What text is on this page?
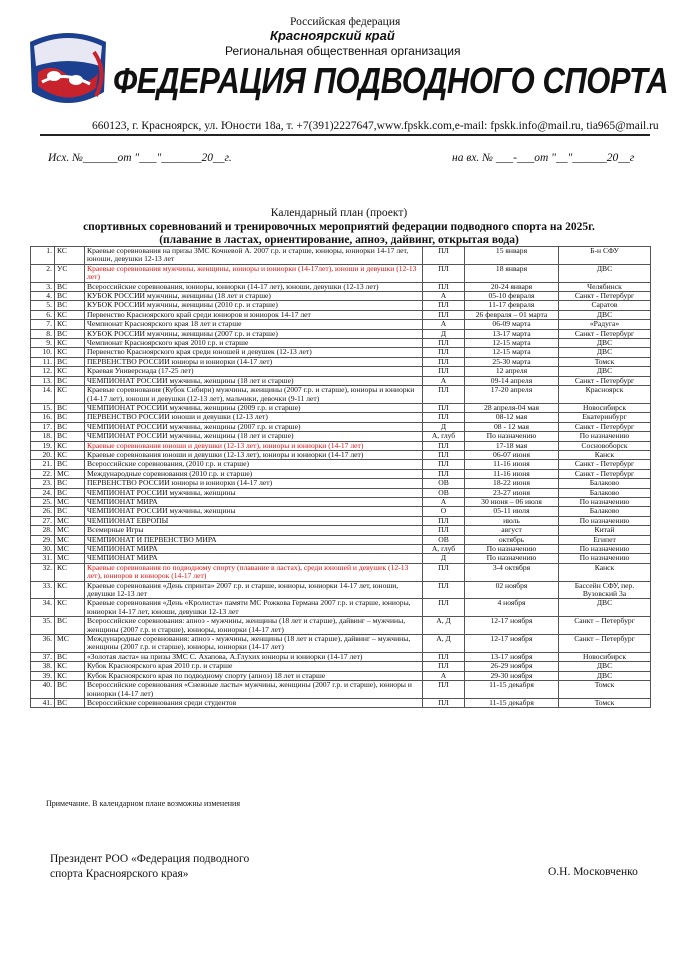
Российская федерация
Красноярский край
Региональная общественная организация
ФЕДЕРАЦИЯ ПОДВОДНОГО СПОРТА
660123, г. Красноярск, ул. Юности 18а, т. +7(391)2227647,www.fpskk.com,e-mail: fpskk.info@mail.ru, tia965@mail.ru
Исх. №______от "___"_______20__г.	на вх. № ___-___от "__"______20__г
Календарный план (проект)
спортивных соревнований и тренировочных мероприятий федерации подводного спорта на 2025г.
(плавание в ластах, ориентирование, апноэ, дайвинг, открытая вода)
1.	КС	Краевые соревнования на призы ЗМС Кочневой А. 2007 г.р. и старше, юниоры, юниорки 14-17 лет, юноши, девушки 12-13 лет	ПЛ	15 января	Б-н СФУ
2.	УС	Краевые соревнования мужчины, женщины, юниоры и юниорки (14-17лет), юноши и девушки (12-13 лет)	ПЛ	18 января	ДВС
3.	ВС	Всероссийские соревнования, юниоры, юниорки (14-17 лет), юноши, девушки (12-13 лет)	ПЛ	20-24 января	Челябинск
4.	ВС	КУБОК РОССИИ мужчины, женщины (18 лет и старше)	А	05-10 февраля	Санкт - Петербург
5.	ВС	КУБОК РОССИИ мужчины, женщины (2010 г.р. и старше)	ПЛ	11-17 февраля	Саратов
6.	КС	Первенство Красноярского край среди юниоров и юниорок 14-17 лет	ПЛ	26 февраля – 01 марта	ДВС
7.	КС	Чемпионат Красноярского края 18 лет и старше	А	06-09 марта	«Радуга»
8.	ВС	КУБОК РОССИИ мужчины, женщины (2007 г.р. и старше)	Д	13-17 марта	Санкт - Петербург
9.	КС	Чемпионат Красноярского края 2010 г.р. и старше	ПЛ	12-15 марта	ДВС
10.	КС	Первенство Красноярского края среди юношей и девушек (12-13 лет)	ПЛ	12-15 марта	ДВС
11.	ВС	ПЕРВЕНСТВО РОССИИ юниоры и юниорки (14-17 лет)	ПЛ	25-30 марта	Томск
12.	КС	Краевая Универсиада (17-25 лет)	ПЛ	12 апреля	ДВС
13.	ВС	ЧЕМПИОНАТ РОССИИ мужчины, женщины (18 лет и старше)	А	09-14 апреля	Санкт - Петербург
14.	КС	Краевые соревнования (Кубок Сибири) мужчины, женщины (2007 г.р. и старше), юниоры и юниорки (14-17 лет), юноши и девушки (12-13 лет), мальчики, девочки (9-11 лет)	ПЛ	17-20 апреля	Красноярск
15.	ВС	ЧЕМПИОНАТ РОССИИ мужчины, женщины (2009 г.р. и старше)	ПЛ	28 апреля-04 мая	Новосибирск
16.	ВС	ПЕРВЕНСТВО РОССИИ юноши и девушки (12-13 лет)	ПЛ	08-12 мая	Екатеринбург
17.	ВС	ЧЕМПИОНАТ РОССИИ мужчины, женщины (2007 г.р. и старше)	Д	08 - 12 мая	Санкт - Петербург
18.	ВС	ЧЕМПИОНАТ РОССИИ мужчины, женщины (18 лет и старше)	А, глуб	По назначению	По назначению
19.	КС	Краевые соревнования юноши и девушки (12-13 лет), юниоры и юниорки (14-17 лет)	ПЛ	17-18 мая	Сосновоборск
20.	КС	Краевые соревнования юноши и девушки (12-13 лет), юниоры и юниорки (14-17 лет)	ПЛ	06-07 июня	Канск
21.	ВС	Всероссийские соревнования, (2010 г.р. и старше)	ПЛ	11-16 июня	Санкт - Петербург
22.	МС	Международные соревнования (2010 г.р. и старше)	ПЛ	11-16 июня	Санкт - Петербург
23.	ВС	ПЕРВЕНСТВО РОССИИ юниоры и юниорки (14-17 лет)	ОВ	18-22 июня	Балаково
24.	ВС	ЧЕМПИОНАТ РОССИИ мужчины, женщины	ОВ	23-27 июня	Балаково
25.	МС	ЧЕМПИОНАТ МИРА	А	30 июня – 06 июля	По назначению
26.	ВС	ЧЕМПИОНАТ РОССИИ мужчины, женщины	О	05-11 июля	Балаково
27.	МС	ЧЕМПИОНАТ ЕВРОПЫ	ПЛ	июль	По назначению
28.	МС	Всемирные Игры	ПЛ	август	Китай
29.	МС	ЧЕМПИОНАТ И ПЕРВЕНСТВО МИРА	ОВ	октябрь	Египет
30.	МС	ЧЕМПИОНАТ МИРА	А, глуб	По назначению	По назначению
31.	МС	ЧЕМПИОНАТ МИРА	Д	По назначению	По назначению
32.	КС	Краевые соревнования по подводному спорту (плавание в ластах), среди юношей и девушек (12-13 лет), юниоров и юниорок (14-17 лет)	ПЛ	3-4 октября	Канск
33.	КС	Краевые соревнования «День спринта» 2007 г.р. и старше, юниоры, юниорки 14-17 лет, юноши, девушки 12-13 лет	ПЛ	02 ноября	Бассейн СФУ, пер. Вузовский 3а
34.	КС	Краевые соревнования «День «Кролиста» памяти МС Рожкова Германа 2007 г.р. и старше, юниоры, юниорки 14-17 лет, юноши, девушки 12-13 лет	ПЛ	4 ноября	ДВС
35.	ВС	Всероссийские соревнования: апноэ - мужчины, женщины (18 лет и старше), дайвинг – мужчины, женщины (2007 г.р. и старше), юниоры, юниорки (14-17 лет)	А, Д	12-17 ноября	Санкт – Петербург
36.	МС	Международные соревнования: апноэ - мужчины, женщины (18 лет и старше), дайвинг – мужчины, женщины (2007 г.р. и старше), юниоры, юниорки (14-17 лет)	А, Д	12-17 ноября	Санкт – Петербург
37.	ВС	«Золотая ласта» на призы ЗМС С. Ахапова, А.Глухих юниоры и юниорки (14-17 лет)	ПЛ	13-17 ноября	Новосибирск
38.	КС	Кубок Красноярского края 2010 г.р. и старше	ПЛ	26-29 ноября	ДВС
39.	КС	Кубок Красноярского края по подводному спорту (апноэ) 18 лет и старше	А	29-30 ноября	ДВС
40.	ВС	Всероссийские соревнования «Снежные ласты» мужчины, женщины (2007 г.р. и старше), юниоры и юниорки (14-17 лет)	ПЛ	11-15 декабря	Томск
41.	ВС	Всероссийские соревнования среди студентов	ПЛ	11-15 декабря	Томск
Примечание. В календарном плане возможны изменения
Президент РОО «Федерация подводного
спорта Красноярского края»	О.Н. Московченко
